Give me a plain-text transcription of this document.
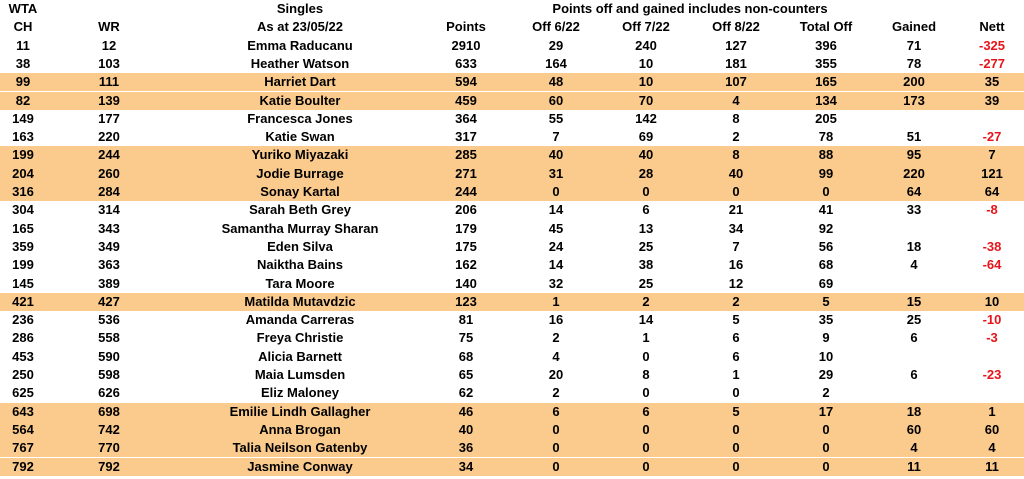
WTA	Singles	Points off and gained includes non-counters
CH	WR	As at 23/05/22	Points	Off 6/22	Off 7/22	Off 8/22	Total Off	Gained	Nett
11	12	Emma Raducanu	2910	29	240	127	396	71	-325
38	103	Heather Watson	633	164	10	181	355	78	-277
99	111	Harriet Dart	594	48	10	107	165	200	35
82	139	Katie Boulter	459	60	70	4	134	173	39
149	177	Francesca Jones	364	55	142	8	205
163	220	Katie Swan	317	7	69	2	78	51	-27
199	244	Yuriko Miyazaki	285	40	40	8	88	95	7
204	260	Jodie Burrage	271	31	28	40	99	220	121
316	284	Sonay Kartal	244	0	0	0	0	64	64
304	314	Sarah Beth Grey	206	14	6	21	41	33	-8
165	343	Samantha Murray Sharan	179	45	13	34	92
359	349	Eden Silva	175	24	25	7	56	18	-38
199	363	Naiktha Bains	162	14	38	16	68	4	-64
145	389	Tara Moore	140	32	25	12	69
421	427	Matilda Mutavdzic	123	1	2	2	5	15	10
236	536	Amanda Carreras	81	16	14	5	35	25	-10
286	558	Freya Christie	75	2	1	6	9	6	-3
453	590	Alicia Barnett	68	4	0	6	10
250	598	Maia Lumsden	65	20	8	1	29	6	-23
625	626	Eliz Maloney	62	2	0	0	2
643	698	Emilie Lindh Gallagher	46	6	6	5	17	18	1
564	742	Anna Brogan	40	0	0	0	0	60	60
767	770	Talia Neilson Gatenby	36	0	0	0	0	4	4
792	792	Jasmine Conway	34	0	0	0	0	11	11
